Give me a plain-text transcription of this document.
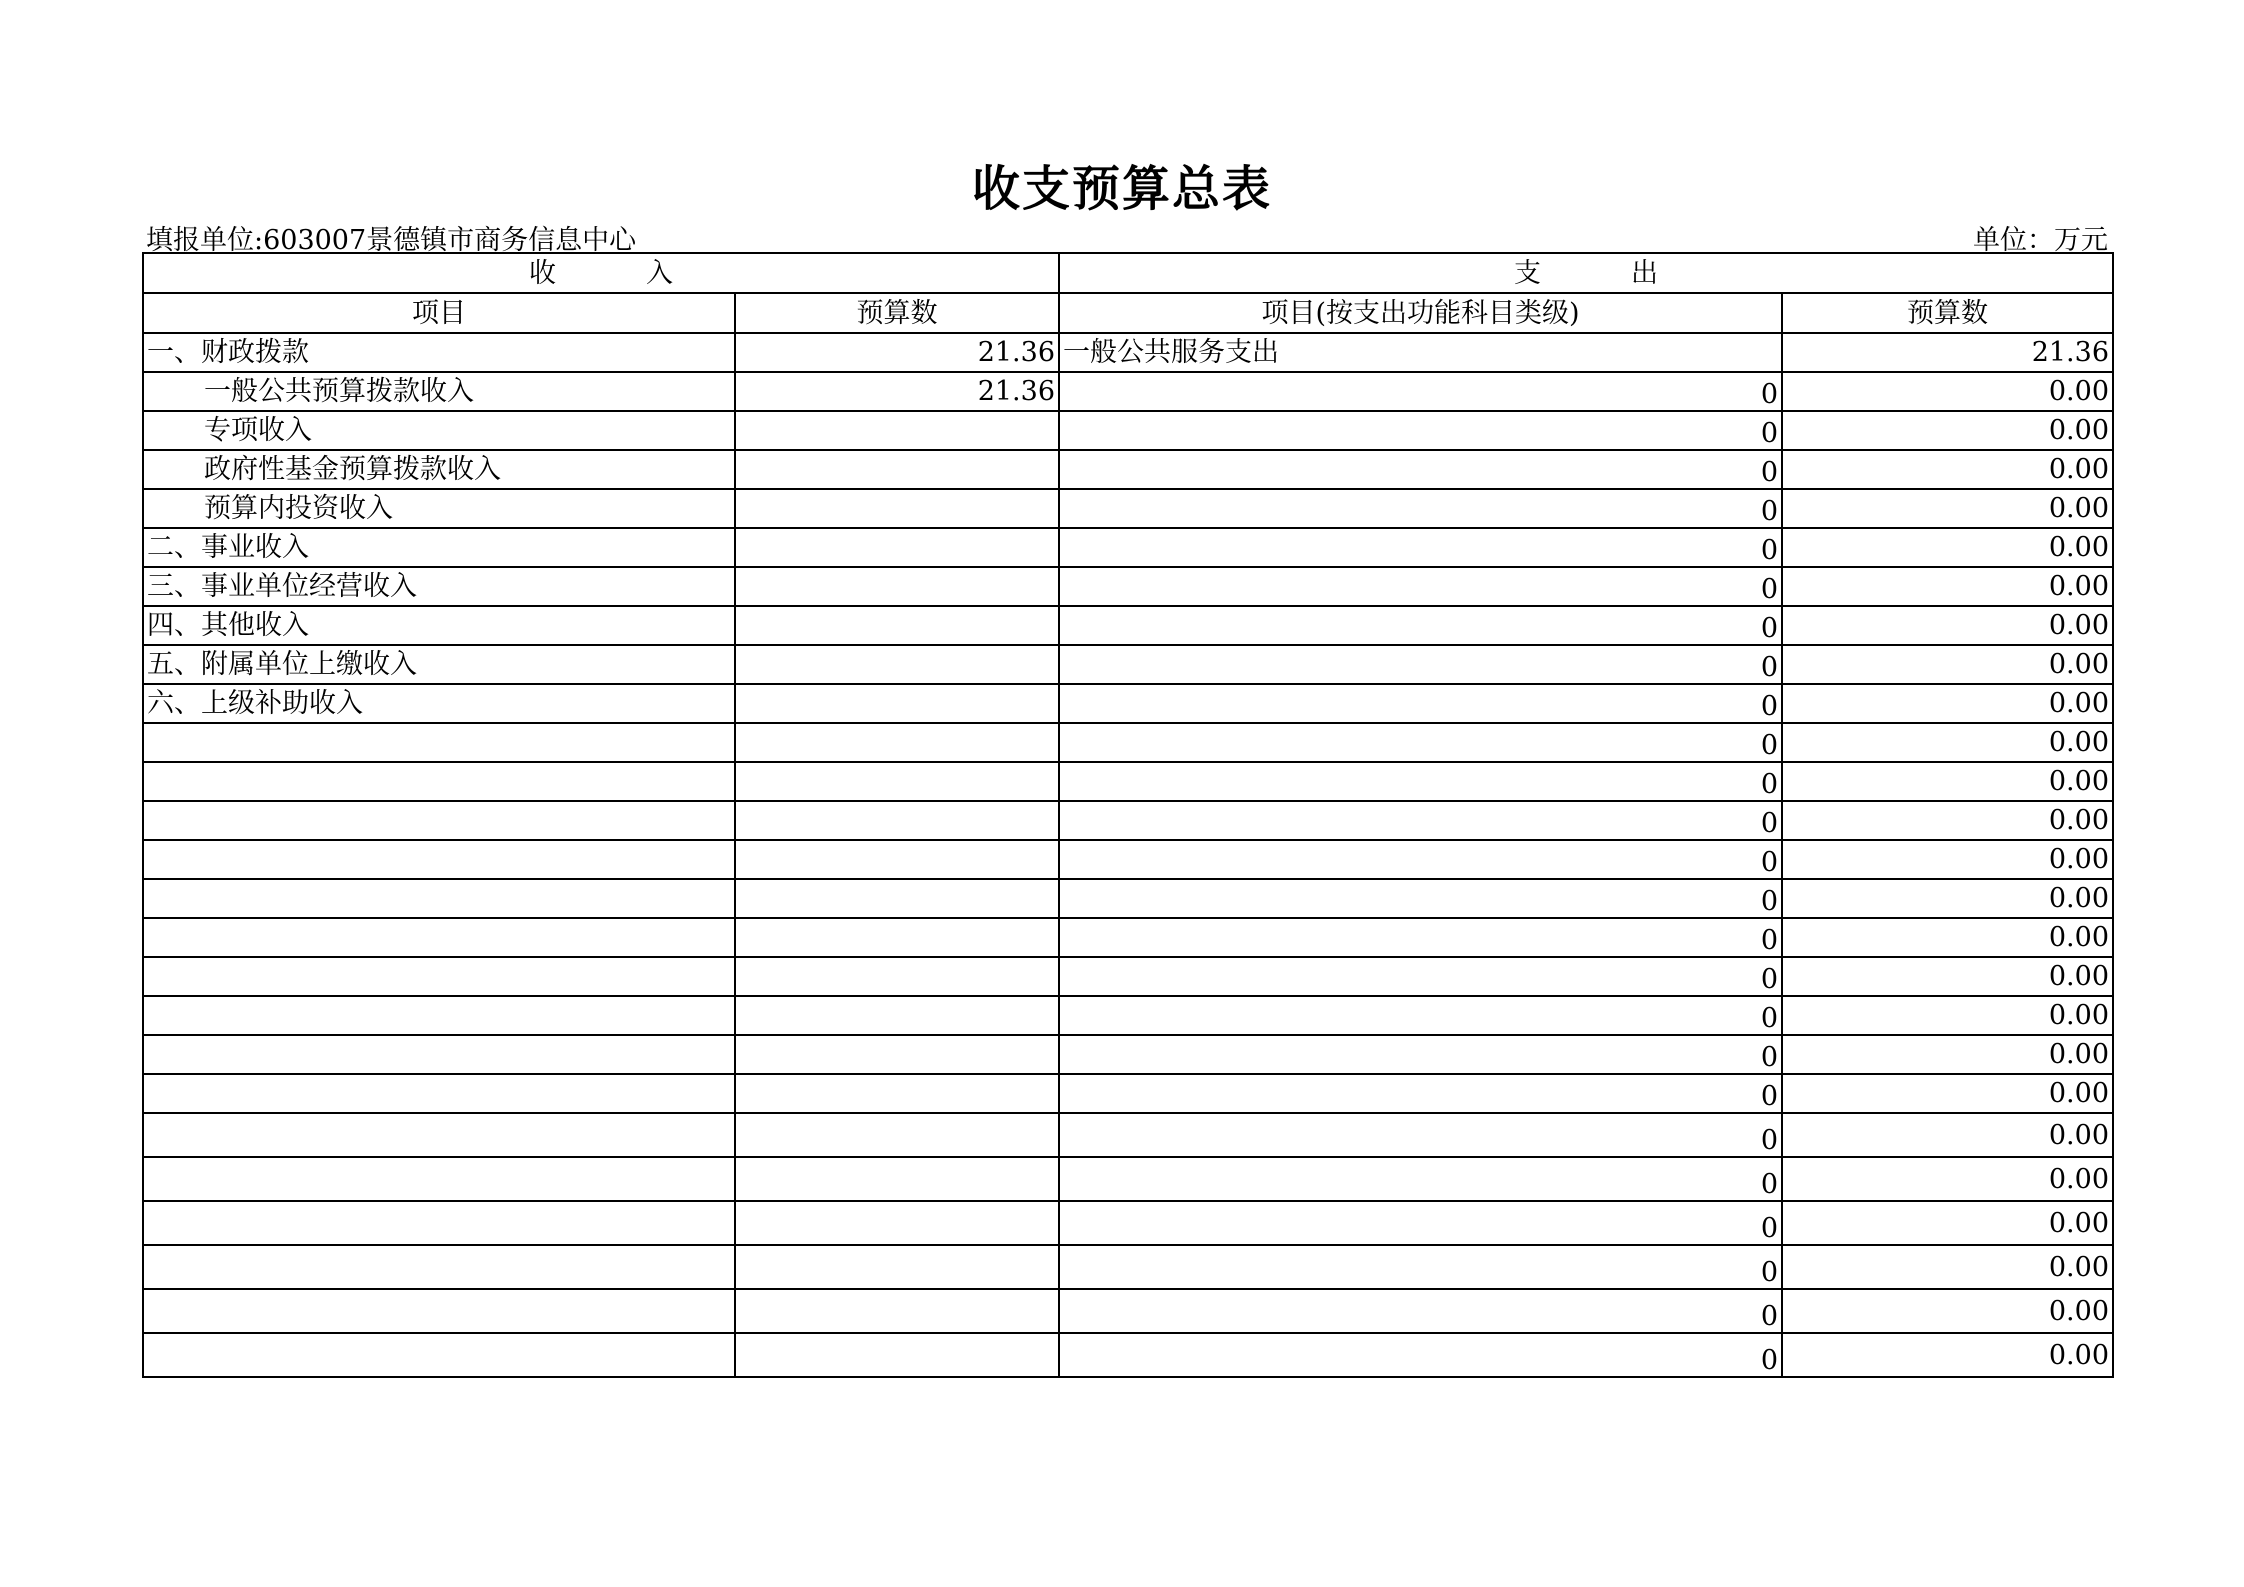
收支预算总表
填报单位:603007景德镇市商务信息中心	单位：万元
收 入		支 出	
项目	预算数	项目(按支出功能科目类级)	预算数
一、财政拨款	21.36	一般公共服务支出	21.36
一般公共预算拨款收入	21.36	0	0.00
专项收入		0	0.00
政府性基金预算拨款收入		0	0.00
预算内投资收入		0	0.00
二、事业收入		0	0.00
三、事业单位经营收入		0	0.00
四、其他收入		0	0.00
五、附属单位上缴收入		0	0.00
六、上级补助收入		0	0.00

		0	0.00

		0	0.00

		0	0.00

		0	0.00

		0	0.00

		0	0.00

		0	0.00

		0	0.00

		0	0.00

		0	0.00

		0	0.00

		0	0.00

		0	0.00

		0	0.00

		0	0.00

		0	0.00
